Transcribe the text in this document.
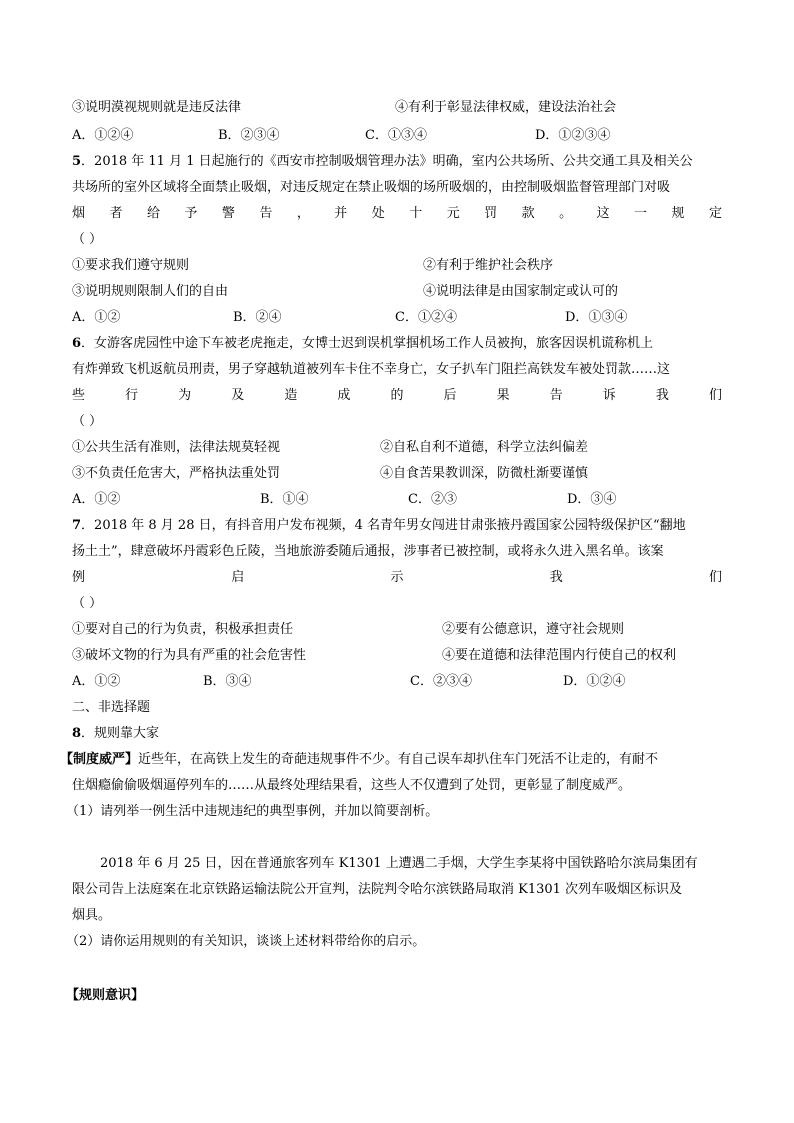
③说明漠视规则就是违反法律	④有利于彰显法律权威，建设法治社会
A．①②④	B．②③④	C．①③④	D．①②③④
5．2018 年 11 月 1 日起施行的《西安市控制吸烟管理办法》明确，室内公共场所、公共交通工具及相关公
共场所的室外区域将全面禁止吸烟，对违反规定在禁止吸烟的场所吸烟的，由控制吸烟监督管理部门对吸
烟 者 给 予 警 告 ， 并 处 十 元 罚 款 。 这 一 规 定
（ ）
①要求我们遵守规则	②有利于维护社会秩序
③说明规则限制人们的自由	④说明法律是由国家制定或认可的
A．①②	B．②④	C．①②④	D．①③④
6．女游客虎园性中途下车被老虎拖走，女博士迟到误机掌掴机场工作人员被拘，旅客因误机谎称机上
有炸弹致飞机返航员刑责，男子穿越轨道被列车卡住不幸身亡，女子扒车门阻拦高铁发车被处罚款……这
些	行	为	及	造	成	的	后	果	告	诉	我	们
（ ）
①公共生活有准则，法律法规莫轻视	②自私自利不道德，科学立法纠偏差
③不负责任危害大，严格执法重处罚	④自食苦果教训深，防微杜渐要谨慎
A．①②	B．①④	C．②③	D．③④
7．2018 年 8 月 28 日，有抖音用户发布视频，4 名青年男女闯进甘肃张掖丹霞国家公园特级保护区“翻地
扬土土”，肆意破坏丹霞彩色丘陵，当地旅游委随后通报，涉事者已被控制，或将永久进入黑名单。该案
例	启	示	我	们
（ ）
①要对自己的行为负责，积极承担责任	②要有公德意识，遵守社会规则
③破坏文物的行为具有严重的社会危害性	④要在道德和法律范围内行使自己的权利
A．①②	B．③④	C．②③④	D．①②④
二、非选择题
8．规则靠大家
【制度威严】近些年，在高铁上发生的奇葩违规事件不少。有自己误车却扒住车门死活不让走的，有耐不
住烟瘾偷偷吸烟逼停列车的……从最终处理结果看，这些人不仅遭到了处罚，更彰显了制度威严。
（1）请列举一例生活中违规违纪的典型事例，并加以简要剖析。
2018 年 6 月 25 日，因在普通旅客列车 K1301 上遭遇二手烟，大学生李某将中国铁路哈尔滨局集团有
限公司告上法庭案在北京铁路运输法院公开宣判，法院判令哈尔滨铁路局取消 K1301 次列车吸烟区标识及
烟具。
（2）请你运用规则的有关知识，谈谈上述材料带给你的启示。
【规则意识】
